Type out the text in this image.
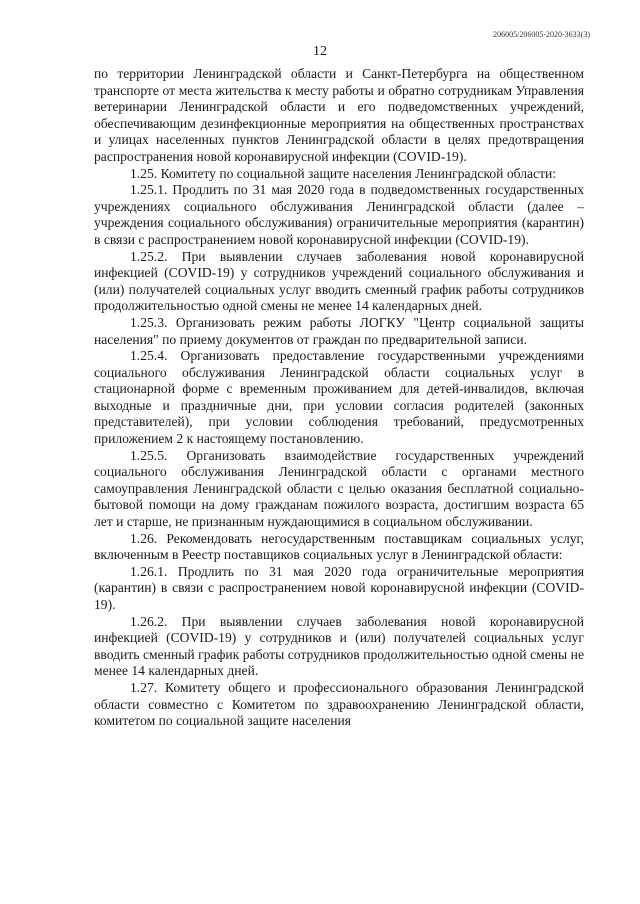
206005/206005-2020-3633(3)
12

по территории Ленинградской области и Санкт-Петербурга на общественном транспорте от места жительства к месту работы и обратно сотрудникам Управления ветеринарии Ленинградской области и его подведомственных учреждений, обеспечивающим дезинфекционные мероприятия на общественных пространствах и улицах населенных пунктов Ленинградской области в целях предотвращения распространения новой коронавирусной инфекции (COVID-19).

1.25. Комитету по социальной защите населения Ленинградской области:

1.25.1. Продлить по 31 мая 2020 года в подведомственных государственных учреждениях социального обслуживания Ленинградской области (далее – учреждения социального обслуживания) ограничительные мероприятия (карантин) в связи с распространением новой коронавирусной инфекции (COVID-19).

1.25.2. При выявлении случаев заболевания новой коронавирусной инфекцией (COVID-19) у сотрудников учреждений социального обслуживания и (или) получателей социальных услуг вводить сменный график работы сотрудников продолжительностью одной смены не менее 14 календарных дней.

1.25.3. Организовать режим работы ЛОГКУ "Центр социальной защиты населения" по приему документов от граждан по предварительной записи.

1.25.4. Организовать предоставление государственными учреждениями социального обслуживания Ленинградской области социальных услуг в стационарной форме с временным проживанием для детей-инвалидов, включая выходные и праздничные дни, при условии согласия родителей (законных представителей), при условии соблюдения требований, предусмотренных приложением 2 к настоящему постановлению.

1.25.5. Организовать взаимодействие государственных учреждений социального обслуживания Ленинградской области с органами местного самоуправления Ленинградской области с целью оказания бесплатной социально-бытовой помощи на дому гражданам пожилого возраста, достигшим возраста 65 лет и старше, не признанным нуждающимися в социальном обслуживании.

1.26. Рекомендовать негосударственным поставщикам социальных услуг, включенным в Реестр поставщиков социальных услуг в Ленинградской области:

1.26.1. Продлить по 31 мая 2020 года ограничительные мероприятия (карантин) в связи с распространением новой коронавирусной инфекции (COVID-19).

1.26.2. При выявлении случаев заболевания новой коронавирусной инфекцией (COVID-19) у сотрудников и (или) получателей социальных услуг вводить сменный график работы сотрудников продолжительностью одной смены не менее 14 календарных дней.

1.27. Комитету общего и профессионального образования Ленинградской области совместно с Комитетом по здравоохранению Ленинградской области, комитетом по социальной защите населения
